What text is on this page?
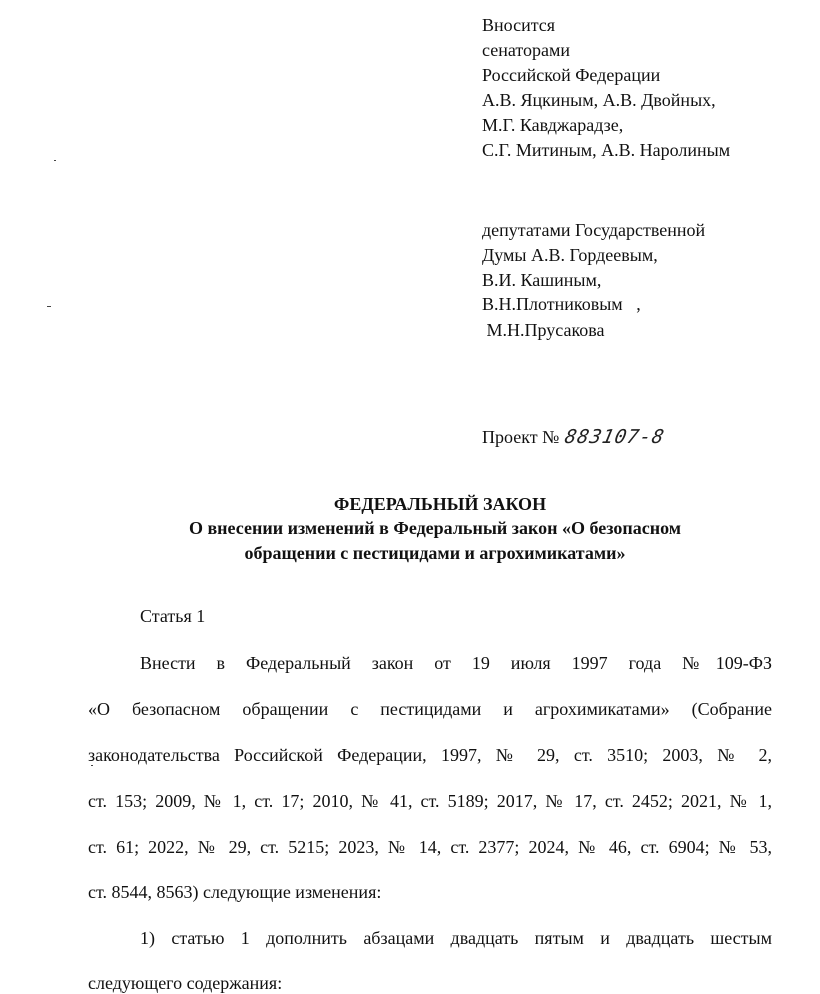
Вносится
сенаторами
Российской Федерации
А.В. Яцкиным, А.В. Двойных,
М.Г. Кавджарадзе,
С.Г. Митиным, А.В. Наролиным
депутатами Государственной
Думы А.В. Гордеевым,
В.И. Кашиным,
В.Н.Плотниковым   ,
М.Н.Прусакова
Проект № 883107-8
ФЕДЕРАЛЬНЫЙ ЗАКОН
О внесении изменений в Федеральный закон «О безопасном
обращении с пестицидами и агрохимикатами»
Статья 1
Внести в Федеральный закон от 19 июля 1997 года №109-ФЗ
«О безопасном обращении с пестицидами и агрохимикатами» (Собрание
законодательства Российской Федерации, 1997, № 29, ст. 3510; 2003, № 2,
ст. 153; 2009, № 1, ст. 17; 2010, № 41, ст. 5189; 2017, № 17, ст. 2452; 2021, № 1,
ст. 61; 2022, № 29, ст. 5215; 2023, № 14, ст. 2377; 2024, № 46, ст. 6904; № 53,
ст. 8544, 8563) следующие изменения:
1) статью 1 дополнить абзацами двадцать пятым и двадцать шестым
следующего содержания:
